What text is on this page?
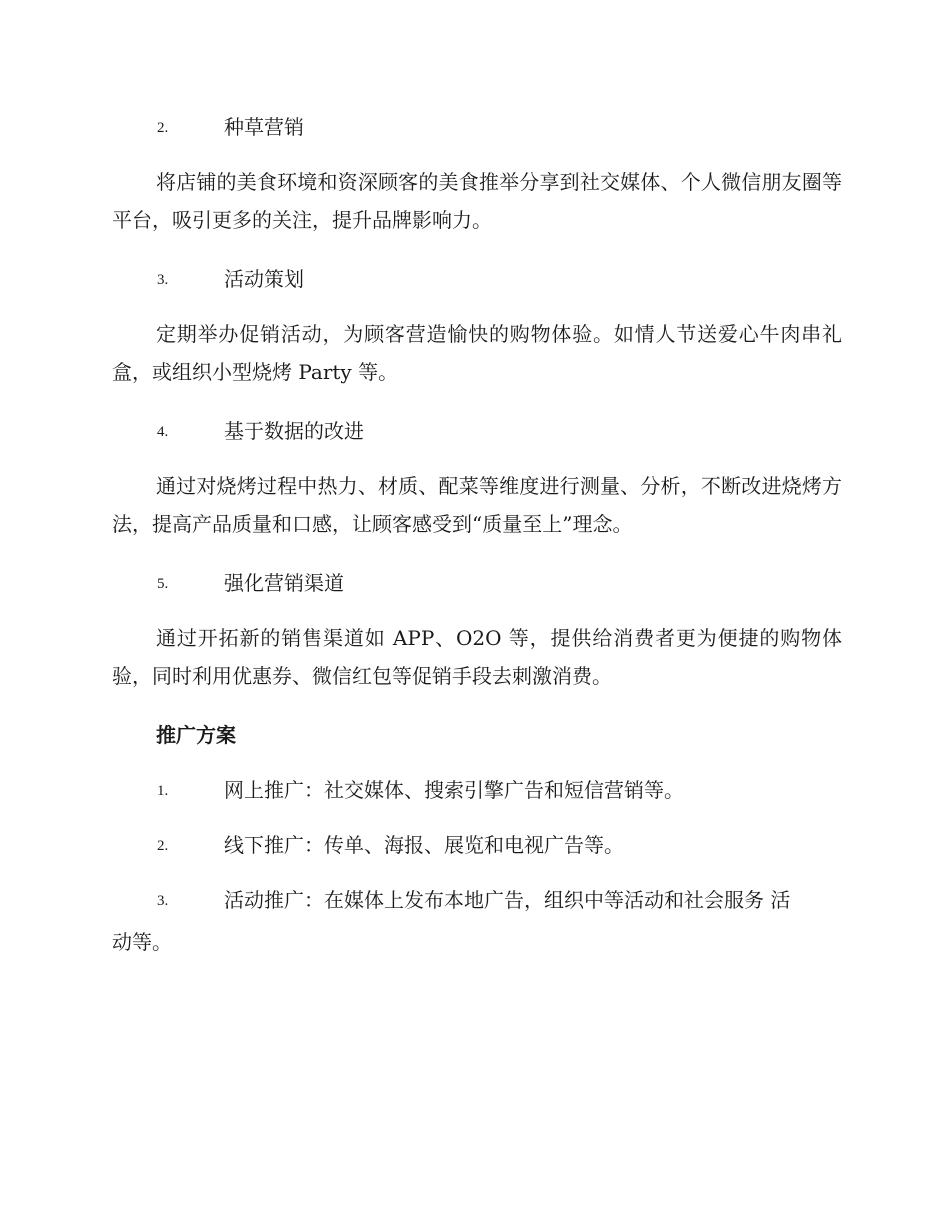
2.	种草营销
将店铺的美食环境和资深顾客的美食推举分享到社交媒体、个人微信朋友圈等平台，吸引更多的关注，提升品牌影响力。
3.	活动策划
定期举办促销活动，为顾客营造愉快的购物体验。如情人节送爱心牛肉串礼盒，或组织小型烧烤 Party 等。
4.	基于数据的改进
通过对烧烤过程中热力、材质、配菜等维度进行测量、分析，不断改进烧烤方法，提高产品质量和口感，让顾客感受到“质量至上”理念。
5.	强化营销渠道
通过开拓新的销售渠道如 APP、O2O 等，提供给消费者更为便捷的购物体验，同时利用优惠券、微信红包等促销手段去刺激消费。
推广方案
1.	网上推广：社交媒体、搜索引擎广告和短信营销等。
2.	线下推广：传单、海报、展览和电视广告等。
3.	活动推广：在媒体上发布本地广告，组织中等活动和社会服务 活
动等。
